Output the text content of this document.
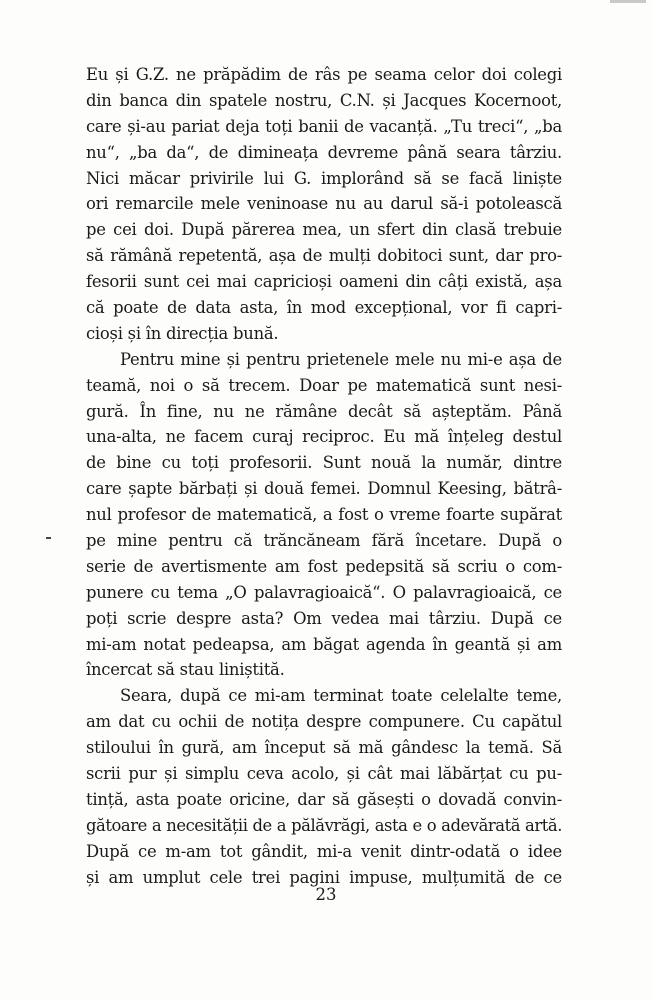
Eu și G.Z. ne prăpădim de râs pe seama celor doi colegi
din banca din spatele nostru, C.N. și Jacques Kocernoot,
care și-au pariat deja toți banii de vacanță. „Tu treci“, „ba
nu“, „ba da“, de dimineața devreme până seara târziu.
Nici măcar privirile lui G. implorând să se facă liniște
ori remarcile mele veninoase nu au darul să-i potolească
pe cei doi. După părerea mea, un sfert din clasă trebuie
să rămână repetentă, așa de mulți dobitoci sunt, dar pro-
fesorii sunt cei mai capricioși oameni din câți există, așa
că poate de data asta, în mod excepțional, vor fi capri-
cioși și în direcția bună.
Pentru mine și pentru prietenele mele nu mi-e așa de
teamă, noi o să trecem. Doar pe matematică sunt nesi-
gură. În fine, nu ne rămâne decât să așteptăm. Până
una-alta, ne facem curaj reciproc. Eu mă înțeleg destul
de bine cu toți profesorii. Sunt nouă la număr, dintre
care șapte bărbați și două femei. Domnul Keesing, bătrâ-
nul profesor de matematică, a fost o vreme foarte supărat
pe mine pentru că trăncăneam fără încetare. După o
serie de avertismente am fost pedepsită să scriu o com-
punere cu tema „O palavragioaică“. O palavragioaică, ce
poți scrie despre asta? Om vedea mai târziu. După ce
mi-am notat pedeapsa, am băgat agenda în geantă și am
încercat să stau liniștită.
Seara, după ce mi-am terminat toate celelalte teme,
am dat cu ochii de notița despre compunere. Cu capătul
stiloului în gură, am început să mă gândesc la temă. Să
scrii pur și simplu ceva acolo, și cât mai lăbărțat cu pu-
tință, asta poate oricine, dar să găsești o dovadă convin-
gătoare a necesității de a pălăvrăgi, asta e o adevărată artă.
După ce m-am tot gândit, mi-a venit dintr-odată o idee
și am umplut cele trei pagini impuse, mulțumită de ce
23
